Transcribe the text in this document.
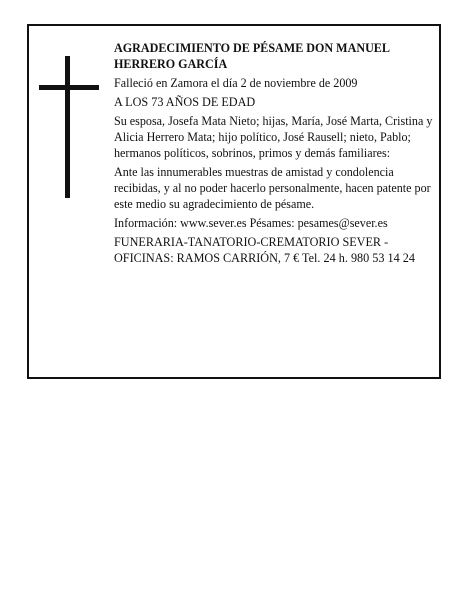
AGRADECIMIENTO DE PÉSAME DON MANUEL HERRERO GARCÍA

Falleció en Zamora el día 2 de noviembre de 2009

A LOS 73 AÑOS DE EDAD

Su esposa, Josefa Mata Nieto; hijas, María, José Marta, Cristina y Alicia Herrero Mata; hijo político, José Rausell; nieto, Pablo; hermanos políticos, sobrinos, primos y demás familiares:

Ante las innumerables muestras de amistad y condolencia recibidas, y al no poder hacerlo personalmente, hacen patente por este medio su agradecimiento de pésame.

Información: www.sever.es Pésames: pesames@sever.es

FUNERARIA-TANATORIO-CREMATORIO SEVER - OFICINAS: RAMOS CARRIÓN, 7 € Tel. 24 h. 980 53 14 24
